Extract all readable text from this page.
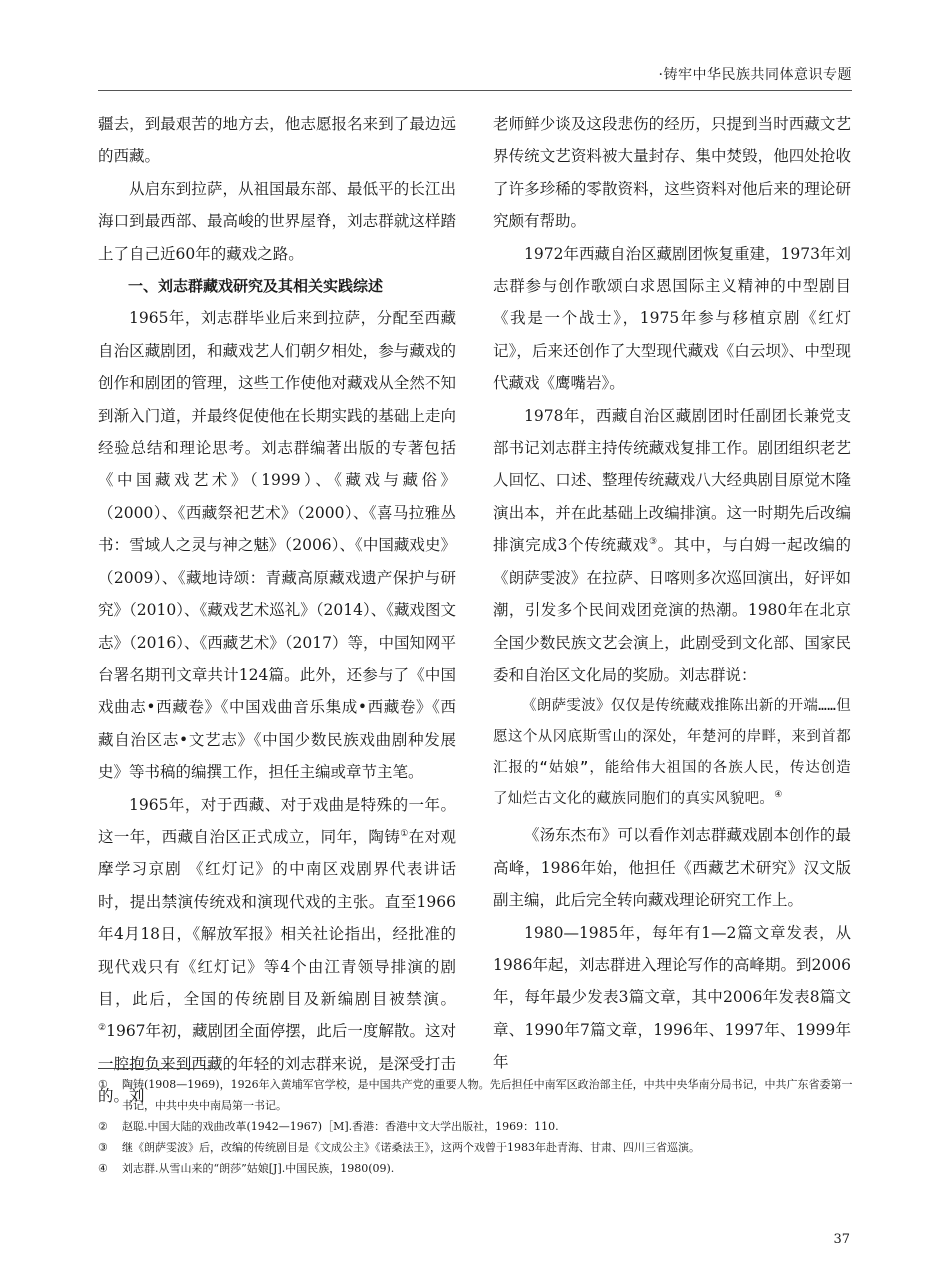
·铸牢中华民族共同体意识专题

疆去，到最艰苦的地方去，他志愿报名来到了最边远的西藏。

从启东到拉萨，从祖国最东部、最低平的长江出海口到最西部、最高峻的世界屋脊，刘志群就这样踏上了自己近60年的藏戏之路。

一、刘志群藏戏研究及其相关实践综述

1965年，刘志群毕业后来到拉萨，分配至西藏自治区藏剧团，和藏戏艺人们朝夕相处，参与藏戏的创作和剧团的管理，这些工作使他对藏戏从全然不知到渐入门道，并最终促使他在长期实践的基础上走向经验总结和理论思考。刘志群编著出版的专著包括《中国藏戏艺术》（1999）、《藏戏与藏俗》（2000）、《西藏祭祀艺术》（2000）、《喜马拉雅丛书：雪域人之灵与神之魅》（2006）、《中国藏戏史》（2009）、《藏地诗颂：青藏高原藏戏遗产保护与研究》（2010）、《藏戏艺术巡礼》（2014）、《藏戏图文志》（2016）、《西藏艺术》（2017）等，中国知网平台署名期刊文章共计124篇。此外，还参与了《中国戏曲志•西藏卷》《中国戏曲音乐集成•西藏卷》《西藏自治区志•文艺志》《中国少数民族戏曲剧种发展史》等书稿的编撰工作，担任主编或章节主笔。

1965年，对于西藏、对于戏曲是特殊的一年。这一年，西藏自治区正式成立，同年，陶铸①在对观摩学习京剧 《红灯记》的中南区戏剧界代表讲话时，提出禁演传统戏和演现代戏的主张。直至1966年4月18日，《解放军报》相关社论指出，经批准的现代戏只有《红灯记》等4个由江青领导排演的剧目，此后，全国的传统剧目及新编剧目被禁演。②1967年初，藏剧团全面停摆，此后一度解散。这对一腔抱负来到西藏的年轻的刘志群来说，是深受打击的。刘

老师鲜少谈及这段悲伤的经历，只提到当时西藏文艺界传统文艺资料被大量封存、集中焚毁，他四处抢收了许多珍稀的零散资料，这些资料对他后来的理论研究颇有帮助。

1972年西藏自治区藏剧团恢复重建，1973年刘志群参与创作歌颂白求恩国际主义精神的中型剧目《我是一个战士》，1975年参与移植京剧《红灯记》，后来还创作了大型现代藏戏《白云坝》、中型现代藏戏《鹰嘴岩》。

1978年，西藏自治区藏剧团时任副团长兼党支部书记刘志群主持传统藏戏复排工作。剧团组织老艺人回忆、口述、整理传统藏戏八大经典剧目原觉木隆演出本，并在此基础上改编排演。这一时期先后改编排演完成3个传统藏戏③。其中，与白姆一起改编的《朗萨雯波》在拉萨、日喀则多次巡回演出，好评如潮，引发多个民间戏团竞演的热潮。1980年在北京全国少数民族文艺会演上，此剧受到文化部、国家民委和自治区文化局的奖励。刘志群说：

《朗萨雯波》仅仅是传统藏戏推陈出新的开端……但愿这个从冈底斯雪山的深处，年楚河的岸畔，来到首都汇报的“姑娘”，能给伟大祖国的各族人民，传达创造了灿烂古文化的藏族同胞们的真实风貌吧。④

《汤东杰布》可以看作刘志群藏戏剧本创作的最高峰，1986年始，他担任《西藏艺术研究》汉文版副主编，此后完全转向藏戏理论研究工作上。

1980—1985年，每年有1—2篇文章发表，从1986年起，刘志群进入理论写作的高峰期。到2006年，每年最少发表3篇文章，其中2006年发表8篇文章、1990年7篇文章，1996年、1997年、1999年年

①	陶铸(1908—1969)，1926年入黄埔军官学校，是中国共产党的重要人物。先后担任中南军区政治部主任，中共中央华南分局书记，中共广东省委第一书记，中共中央中南局第一书记。
②	赵聪.中国大陆的戏曲改革(1942—1967)［M].香港：香港中文大学出版社，1969：110.
③	继《朗萨雯波》后，改编的传统剧目是《文成公主》《诺桑法王》，这两个戏曾于1983年赴青海、甘肃、四川三省巡演。
④	刘志群.从雪山来的“朗莎”姑娘[J].中国民族，1980(09).
37
